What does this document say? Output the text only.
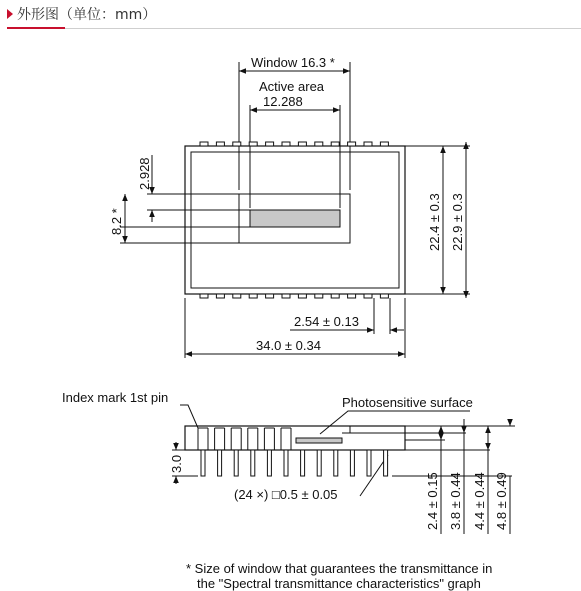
外形图（单位：mm）
Window 16.3 *
Active area
12.288
2.928
8.2 *	22.4 ± 0.3 22.9 ± 0.3
2.54 ± 0.13
34.0 ± 0.34
Index mark 1st pin	Photosensitive surface
3.0
(24 ×) □0.5 ± 0.05	2.4 ± 0.15 3.8 ± 0.44 4.4 ± 0.44 4.8 ± 0.49
* Size of window that guarantees the transmittance in
the "Spectral transmittance characteristics" graph
